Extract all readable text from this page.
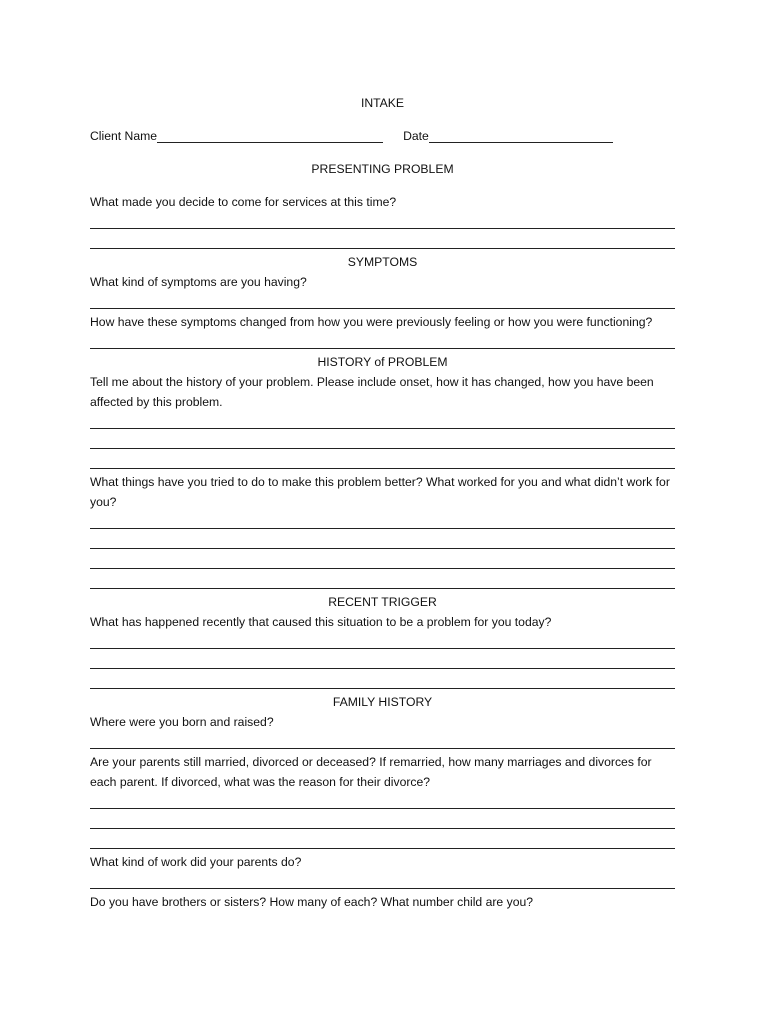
INTAKE
Client Name	Date
PRESENTING PROBLEM
What made you decide to come for services at this time?
SYMPTOMS
What kind of symptoms are you having?
How have these symptoms changed from how you were previously feeling or how you were functioning?
HISTORY of PROBLEM
Tell me about the history of your problem. Please include onset, how it has changed, how you have been affected by this problem.
What things have you tried to do to make this problem better? What worked for you and what didn’t work for you?
RECENT TRIGGER
What has happened recently that caused this situation to be a problem for you today?
FAMILY HISTORY
Where were you born and raised?
Are your parents still married, divorced or deceased? If remarried, how many marriages and divorces for each parent. If divorced, what was the reason for their divorce?
What kind of work did your parents do?
Do you have brothers or sisters? How many of each? What number child are you?
